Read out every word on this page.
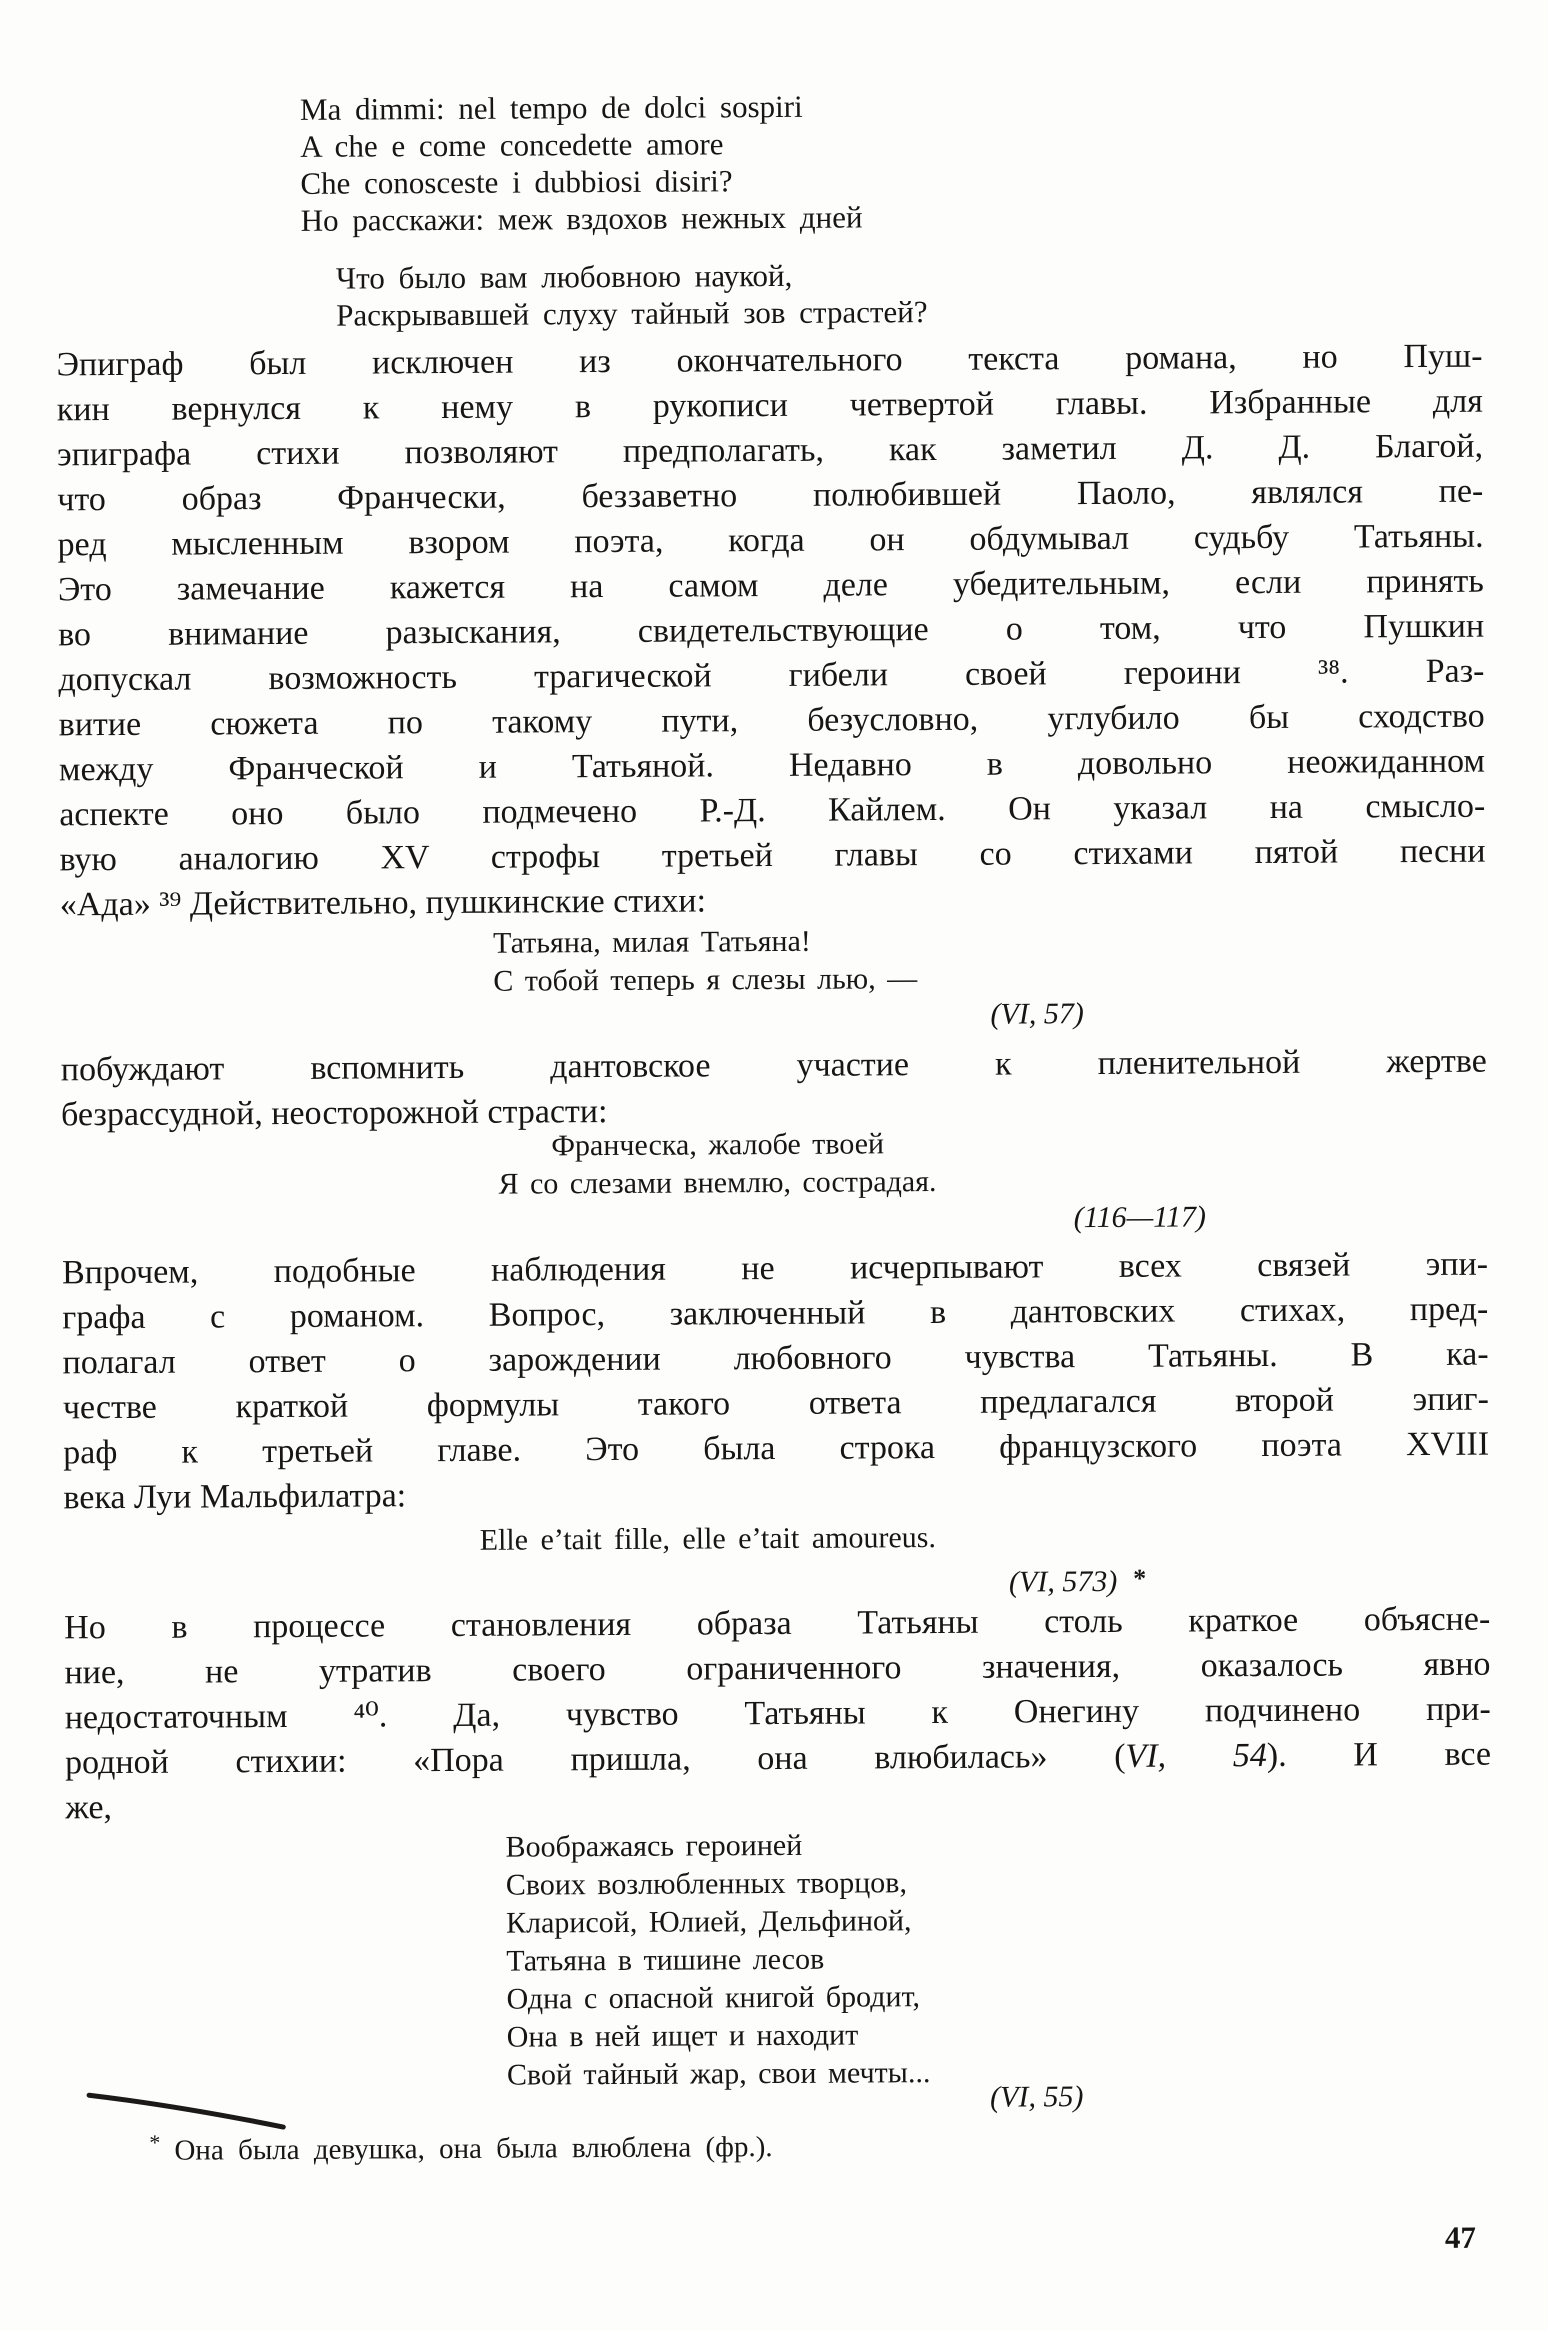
Ma dimmi: nel tempo de dolci sospiri
A che e come concedette amore
Che conosceste i dubbiosi disiri?
Но расскажи: меж вздохов нежных дней
Что было вам любовною наукой,
Раскрывавшей слуху тайный зов страстей?
Эпиграф был исключен из окончательного текста романа, но Пуш-
кин вернулся к нему в рукописи четвертой главы. Избранные для
эпиграфа стихи позволяют предполагать, как заметил Д. Д. Благой,
что образ Франчески, беззаветно полюбившей Паоло, являлся пе-
ред мысленным взором поэта, когда он обдумывал судьбу Татьяны.
Это замечание кажется на самом деле убедительным, если принять
во внимание разыскания, свидетельствующие о том, что Пушкин
допускал возможность трагической гибели своей героини ³⁸. Раз-
витие сюжета по такому пути, безусловно, углубило бы сходство
между Франческой и Татьяной. Недавно в довольно неожиданном
аспекте оно было подмечено Р.-Д. Кайлем. Он указал на смысло-
вую аналогию XV строфы третьей главы со стихами пятой песни
«Ада» ³⁹ Действительно, пушкинские стихи:
Татьяна, милая Татьяна!
С тобой теперь я слезы лью, —
(VI, 57)
побуждают вспомнить дантовское участие к пленительной жертве
безрассудной, неосторожной страсти:
Франческа, жалобе твоей
Я со слезами внемлю, сострадая.
(116—117)
Впрочем, подобные наблюдения не исчерпывают всех связей эпи-
графа с романом. Вопрос, заключенный в дантовских стихах, пред-
полагал ответ о зарождении любовного чувства Татьяны. В ка-
честве краткой формулы такого ответа предлагался второй эпиг-
раф к третьей главе. Это была строка французского поэта XVIII
века Луи Мальфилатра:
Elle e’tait fille, elle e’tait amoureus.
(VI, 573) *
Но в процессе становления образа Татьяны столь краткое объясне-
ние, не утратив своего ограниченного значения, оказалось явно
недостаточным ⁴⁰. Да, чувство Татьяны к Онегину подчинено при-
родной стихии: «Пора пришла, она влюбилась» (VI, 54). И все
же,
Воображаясь героиней
Своих возлюбленных творцов,
Кларисой, Юлией, Дельфиной,
Татьяна в тишине лесов
Одна с опасной книгой бродит,
Она в ней ищет и находит
Свой тайный жар, свои мечты...
(VI, 55)
* Она была девушка, она была влюблена (фр.).
47
